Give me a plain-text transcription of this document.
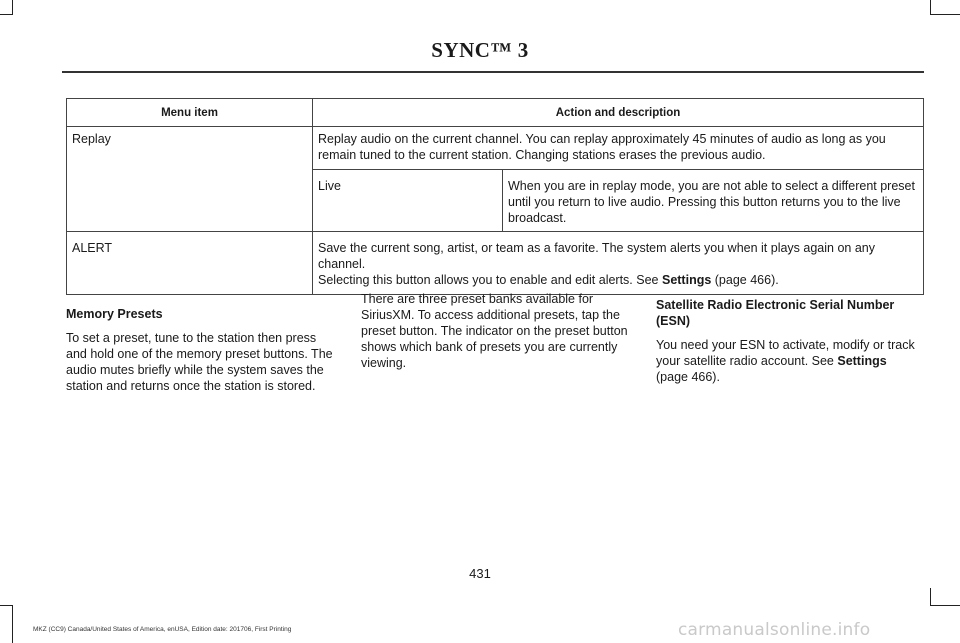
SYNC™ 3
Menu item	Action and description	
Replay	Replay audio on the current channel. You can replay approximately 45 minutes of audio as long as you remain tuned to the current station. Changing stations erases the previous audio.	
	Live	When you are in replay mode, you are not able to select a different preset until you return to live audio. Pressing this button returns you to the live broadcast.
ALERT	Save the current song, artist, or team as a favorite. The system alerts you when it plays again on any channel.
Selecting this button allows you to enable and edit alerts. See Settings (page 466).	

Memory Presets

To set a preset, tune to the station then press and hold one of the memory preset buttons. The audio mutes briefly while the system saves the station and returns once the station is stored.

There are three preset banks available for SiriusXM. To access additional presets, tap the preset button. The indicator on the preset button shows which bank of presets you are currently viewing.

Satellite Radio Electronic Serial Number (ESN)

You need your ESN to activate, modify or track your satellite radio account. See Settings (page 466).

431
MKZ (CC9) Canada/United States of America, enUSA, Edition date: 201706, First Printing	carmanualsonline.info
